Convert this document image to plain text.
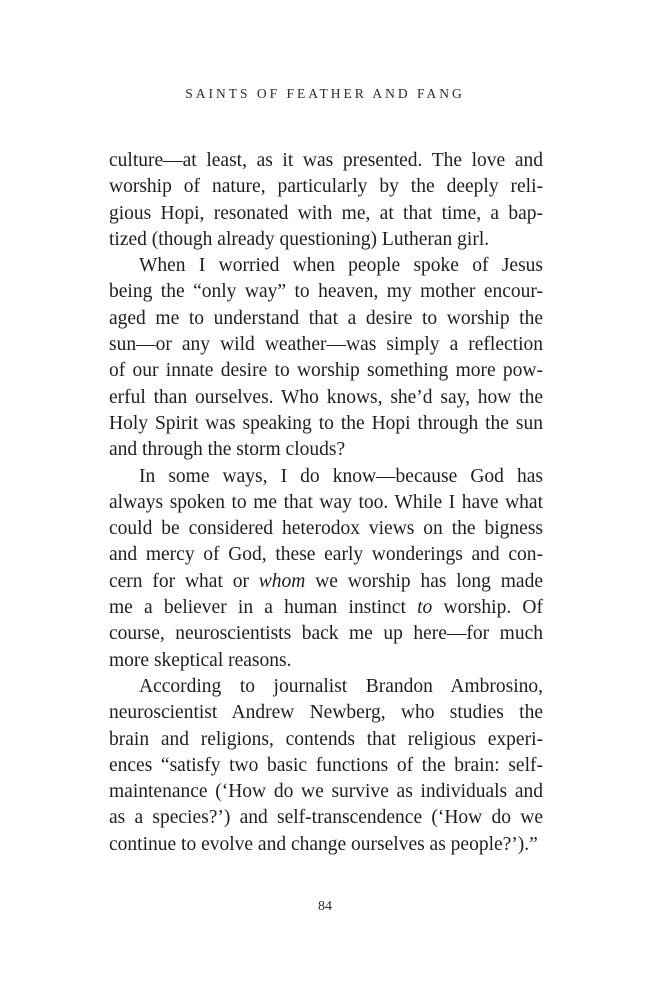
SAINTS OF FEATHER AND FANG
culture—at least, as it was presented. The love and
worship of nature, particularly by the deeply reli-
gious Hopi, resonated with me, at that time, a bap-
tized (though already questioning) Lutheran girl.
When I worried when people spoke of Jesus
being the “only way” to heaven, my mother encour-
aged me to understand that a desire to worship the
sun—or any wild weather—was simply a reflection
of our innate desire to worship something more pow-
erful than ourselves. Who knows, she’d say, how the
Holy Spirit was speaking to the Hopi through the sun
and through the storm clouds?
In some ways, I do know—because God has
always spoken to me that way too. While I have what
could be considered heterodox views on the bigness
and mercy of God, these early wonderings and con-
cern for what or whom we worship has long made
me a believer in a human instinct to worship. Of
course, neuroscientists back me up here—for much
more skeptical reasons.
According to journalist Brandon Ambrosino,
neuroscientist Andrew Newberg, who studies the
brain and religions, contends that religious experi-
ences “satisfy two basic functions of the brain: self-
maintenance (‘How do we survive as individuals and
as a species?’) and self-transcendence (‘How do we
continue to evolve and change ourselves as people?’).”
84
